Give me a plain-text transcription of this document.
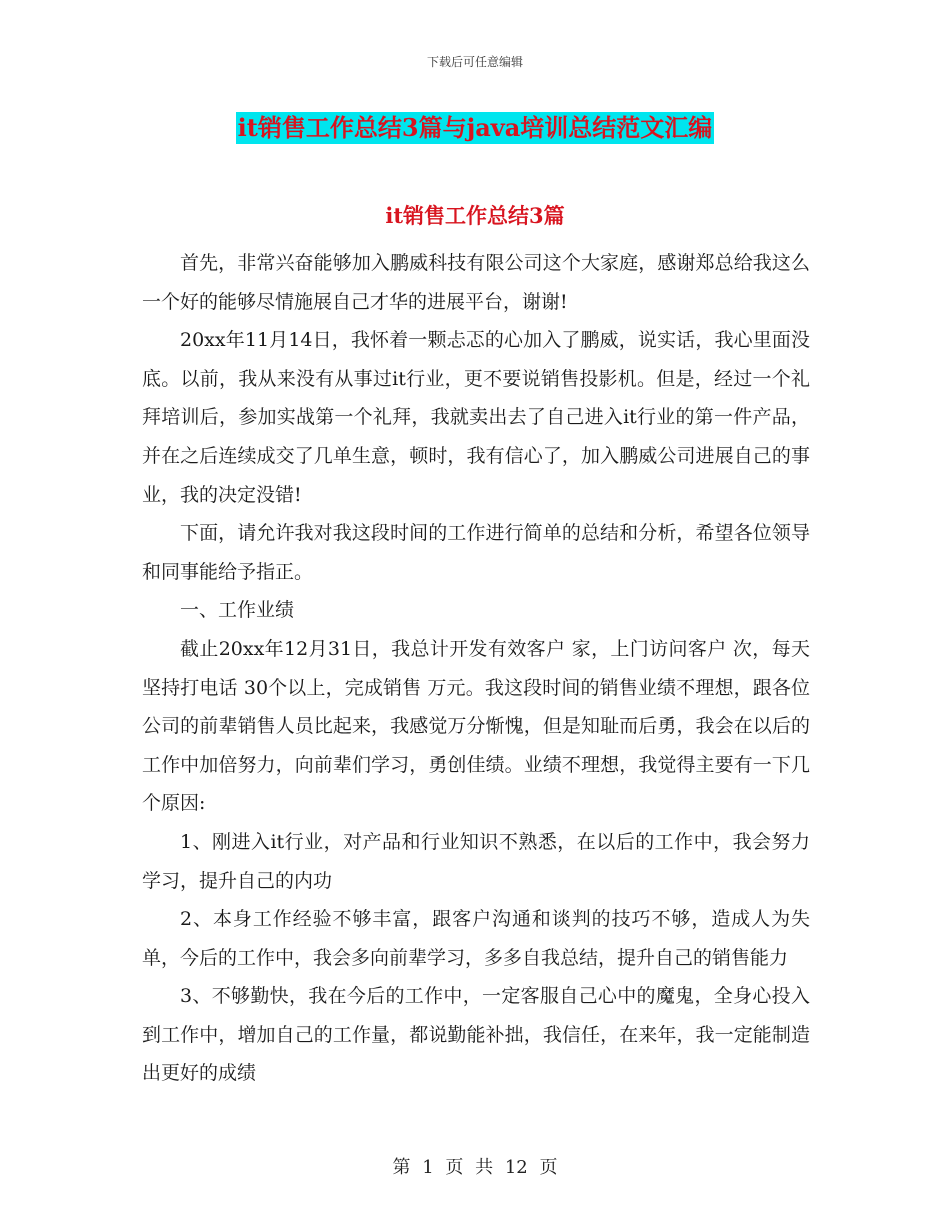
下载后可任意编辑
it销售工作总结3篇与java培训总结范文汇编
it销售工作总结3篇

首先，非常兴奋能够加入鹏威科技有限公司这个大家庭，感谢郑总给我这么一个好的能够尽情施展自己才华的进展平台，谢谢!

20xx年11月14日，我怀着一颗忐忑的心加入了鹏威，说实话，我心里面没底。以前，我从来没有从事过it行业，更不要说销售投影机。但是，经过一个礼拜培训后，参加实战第一个礼拜，我就卖出去了自己进入it行业的第一件产品，并在之后连续成交了几单生意，顿时，我有信心了，加入鹏威公司进展自己的事业，我的决定没错!

下面，请允许我对我这段时间的工作进行简单的总结和分析，希望各位领导和同事能给予指正。

一、工作业绩

截止20xx年12月31日，我总计开发有效客户 家，上门访问客户 次，每天坚持打电话 30个以上，完成销售 万元。我这段时间的销售业绩不理想，跟各位公司的前辈销售人员比起来，我感觉万分惭愧，但是知耻而后勇，我会在以后的工作中加倍努力，向前辈们学习，勇创佳绩。业绩不理想，我觉得主要有一下几个原因:

1、刚进入it行业，对产品和行业知识不熟悉，在以后的工作中，我会努力学习，提升自己的内功

2、本身工作经验不够丰富，跟客户沟通和谈判的技巧不够，造成人为失单，今后的工作中，我会多向前辈学习，多多自我总结，提升自己的销售能力

3、不够勤快，我在今后的工作中，一定客服自己心中的魔鬼，全身心投入到工作中，增加自己的工作量，都说勤能补拙，我信任，在来年，我一定能制造出更好的成绩

第 1 页 共 12 页
